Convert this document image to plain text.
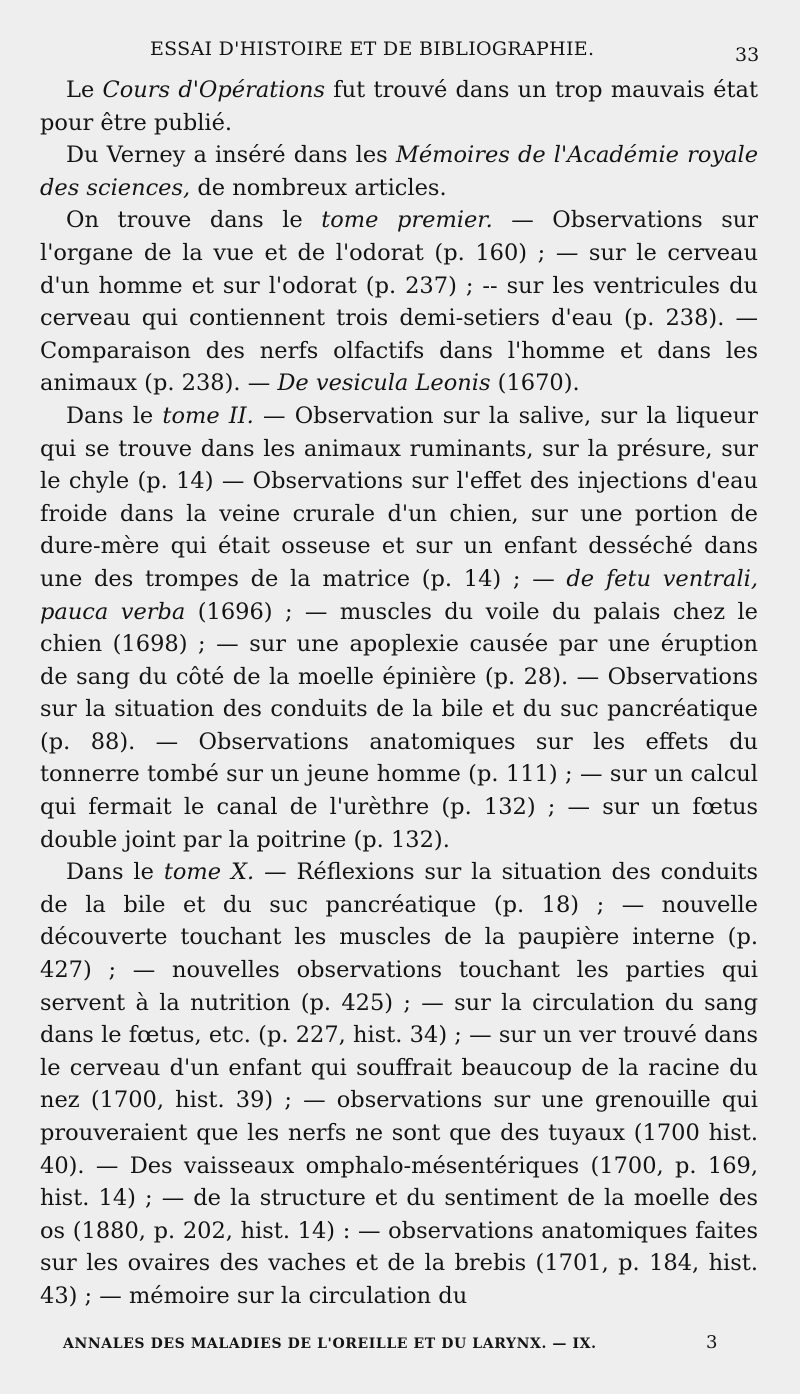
ESSAI D'HISTOIRE ET DE BIBLIOGRAPHIE.	33

Le Cours d'Opérations fut trouvé dans un trop mauvais état pour être publié.

Du Verney a inséré dans les Mémoires de l'Académie royale des sciences, de nombreux articles.

On trouve dans le tome premier. — Observations sur l'organe de la vue et de l'odorat (p. 160) ; — sur le cerveau d'un homme et sur l'odorat (p. 237) ; -- sur les ventricules du cerveau qui contiennent trois demi-setiers d'eau (p. 238). — Comparaison des nerfs olfactifs dans l'homme et dans les animaux (p. 238). — De vesicula Leonis (1670).

Dans le tome II. — Observation sur la salive, sur la liqueur qui se trouve dans les animaux ruminants, sur la présure, sur le chyle (p. 14) — Observations sur l'effet des injections d'eau froide dans la veine crurale d'un chien, sur une portion de dure-mère qui était osseuse et sur un enfant desséché dans une des trompes de la matrice (p. 14) ; — de fetu ventrali, pauca verba (1696) ; — muscles du voile du palais chez le chien (1698) ; — sur une apoplexie causée par une éruption de sang du côté de la moelle épinière (p. 28). — Observations sur la situation des conduits de la bile et du suc pancréatique (p. 88). — Observations anatomiques sur les effets du tonnerre tombé sur un jeune homme (p. 111) ; — sur un calcul qui fermait le canal de l'urèthre (p. 132) ; — sur un fœtus double joint par la poitrine (p. 132).

Dans le tome X. — Réflexions sur la situation des conduits de la bile et du suc pancréatique (p. 18) ; — nouvelle découverte touchant les muscles de la paupière interne (p. 427) ; — nouvelles observations touchant les parties qui servent à la nutrition (p. 425) ; — sur la circulation du sang dans le fœtus, etc. (p. 227, hist. 34) ; — sur un ver trouvé dans le cerveau d'un enfant qui souffrait beaucoup de la racine du nez (1700, hist. 39) ; — observations sur une grenouille qui prouveraient que les nerfs ne sont que des tuyaux (1700 hist. 40). — Des vaisseaux omphalo-mésentériques (1700, p. 169, hist. 14) ; — de la structure et du sentiment de la moelle des os (1880, p. 202, hist. 14) : — observations anatomiques faites sur les ovaires des vaches et de la brebis (1701, p. 184, hist. 43) ; — mémoire sur la circulation du

ANNALES DES MALADIES DE L'OREILLE ET DU LARYNX. — IX.	3
